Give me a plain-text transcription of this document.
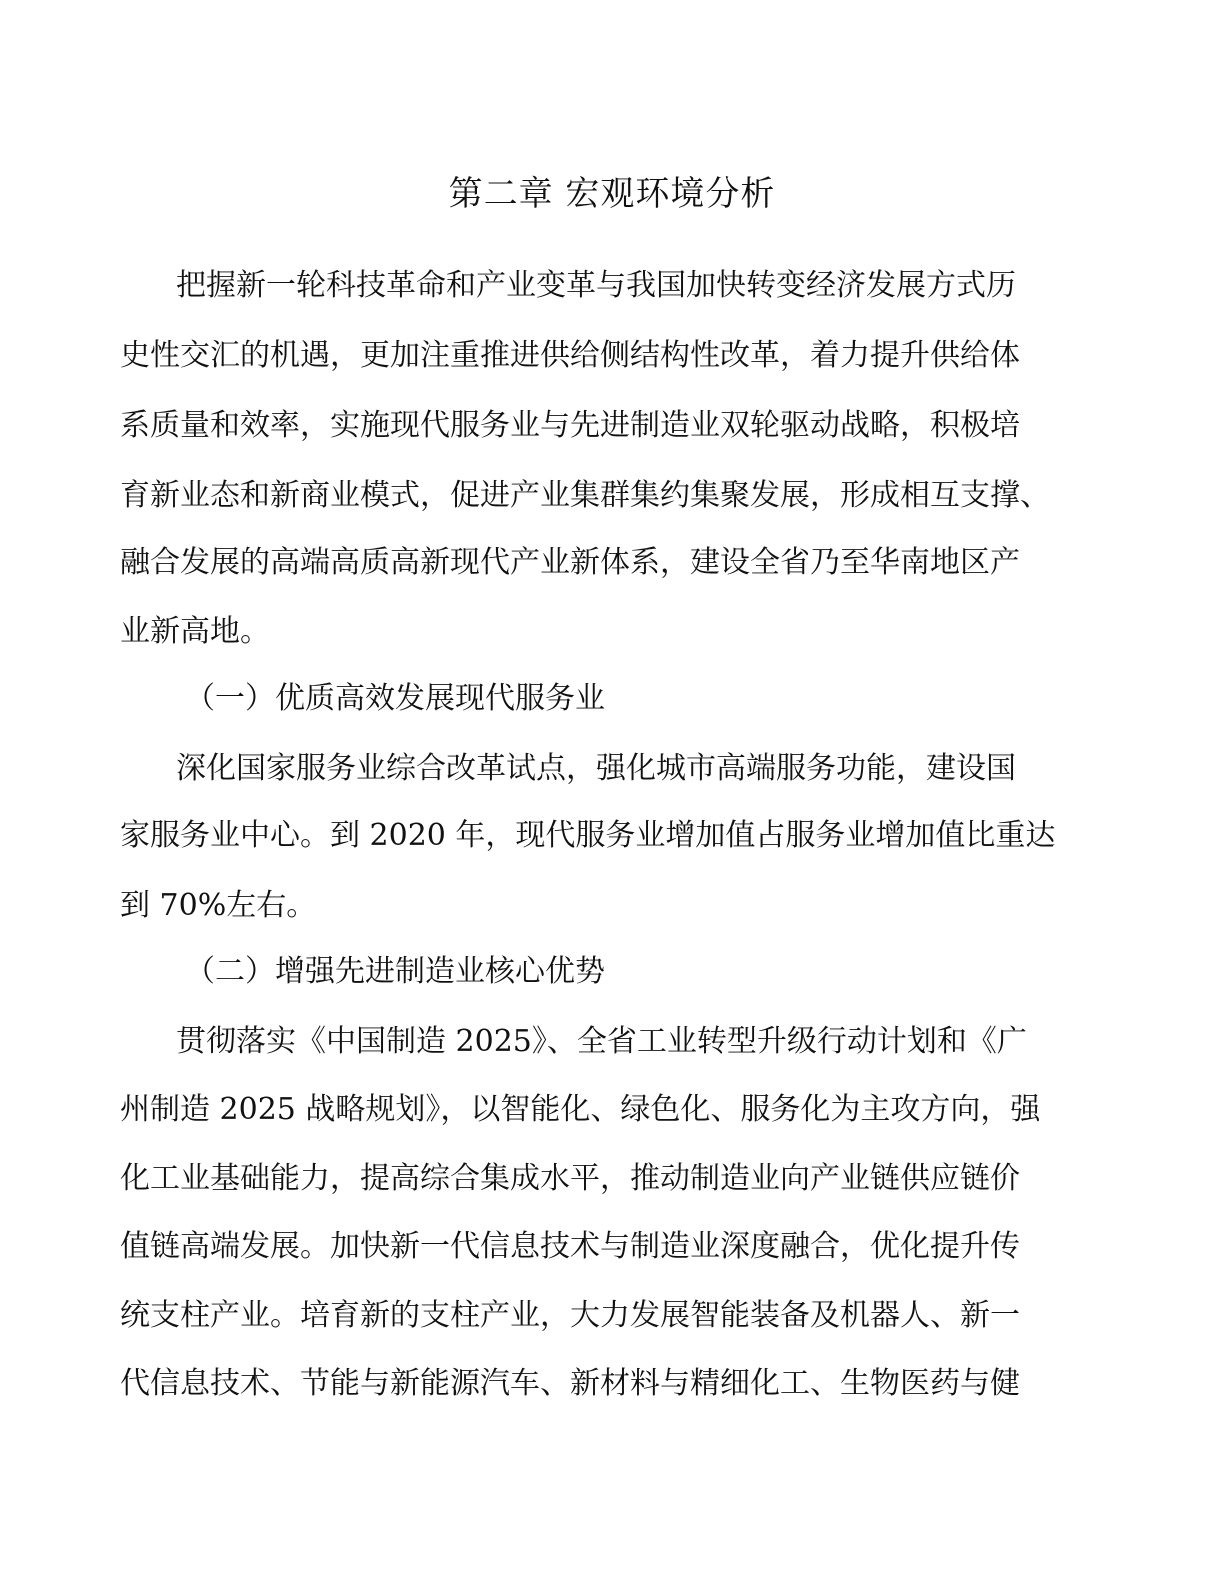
第二章 宏观环境分析

把握新一轮科技革命和产业变革与我国加快转变经济发展方式历

史性交汇的机遇，更加注重推进供给侧结构性改革，着力提升供给体

系质量和效率，实施现代服务业与先进制造业双轮驱动战略，积极培

育新业态和新商业模式，促进产业集群集约集聚发展，形成相互支撑、

融合发展的高端高质高新现代产业新体系，建设全省乃至华南地区产

业新高地。

（一）优质高效发展现代服务业

深化国家服务业综合改革试点，强化城市高端服务功能，建设国

家服务业中心。到 2020 年，现代服务业增加值占服务业增加值比重达

到 70%左右。

（二）增强先进制造业核心优势

贯彻落实《中国制造 2025》、全省工业转型升级行动计划和《广

州制造 2025 战略规划》，以智能化、绿色化、服务化为主攻方向，强

化工业基础能力，提高综合集成水平，推动制造业向产业链供应链价

值链高端发展。加快新一代信息技术与制造业深度融合，优化提升传

统支柱产业。培育新的支柱产业，大力发展智能装备及机器人、新一

代信息技术、节能与新能源汽车、新材料与精细化工、生物医药与健
